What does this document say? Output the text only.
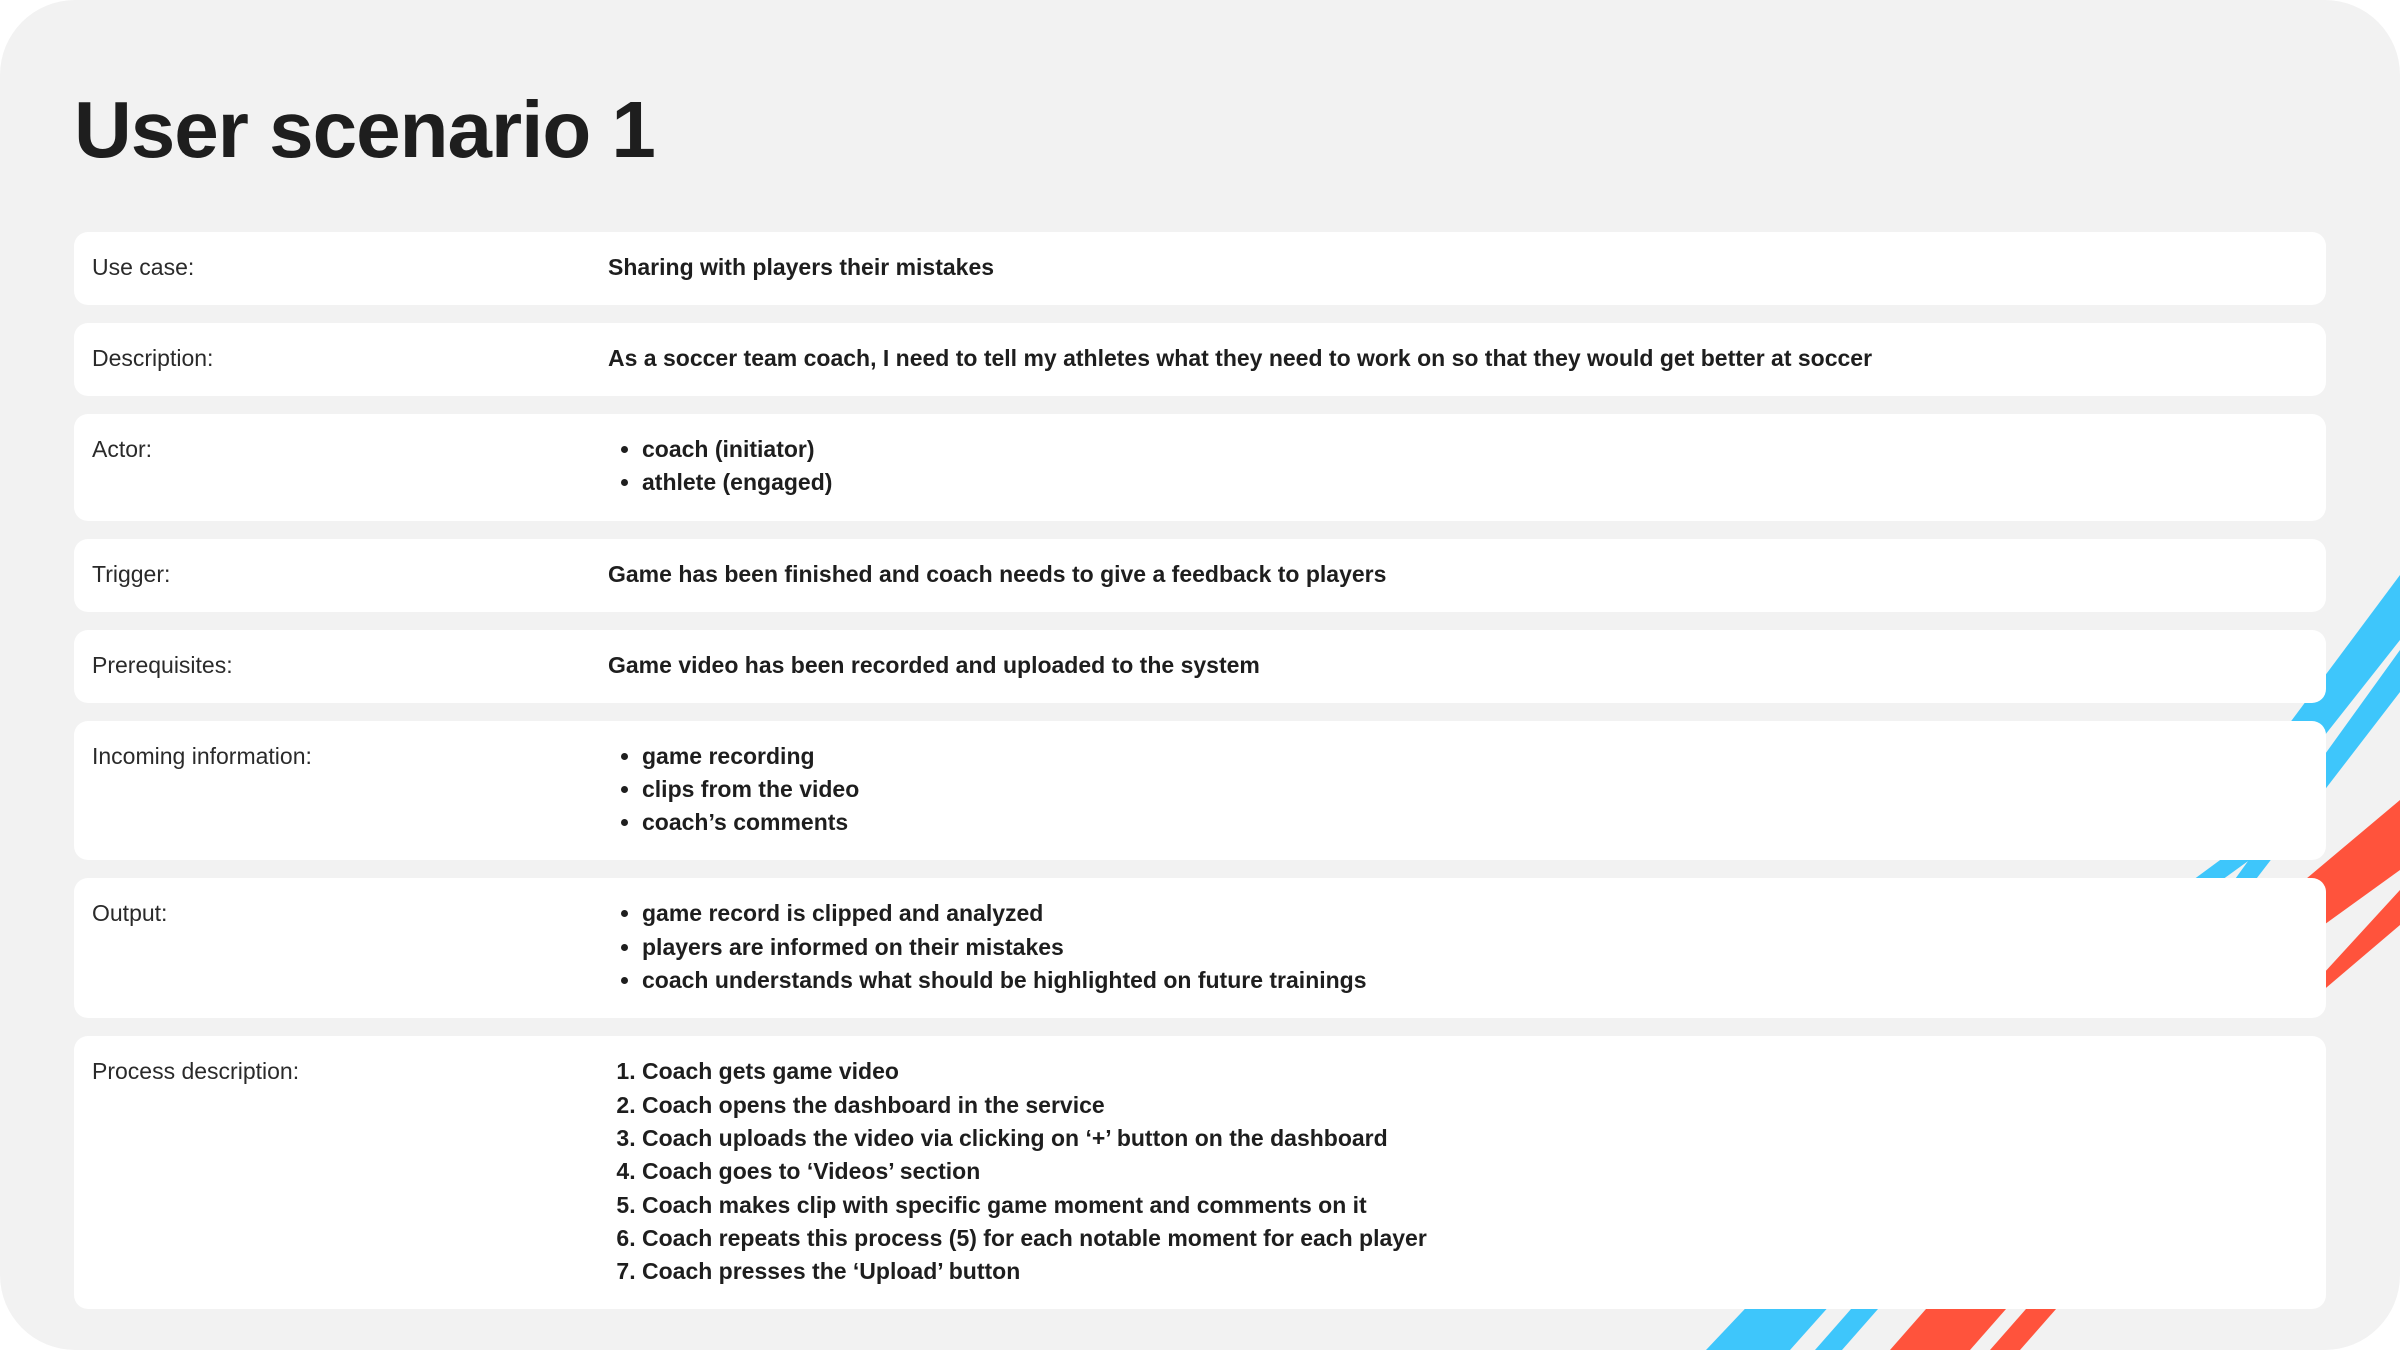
User scenario 1
Use case:	Sharing with players their mistakes
Description:	As a soccer team coach, I need to tell my athletes what they need to work on so that they would get better at soccer
Actor:	• coach (initiator)
• athlete (engaged)
Trigger:	Game has been finished and coach needs to give a feedback to players
Prerequisites:	Game video has been recorded and uploaded to the system
Incoming information:	• game recording
• clips from the video
• coach’s comments
Output:	• game record is clipped and analyzed
• players are informed on their mistakes
• coach understands what should be highlighted on future trainings
Process description:	1. Coach gets game video
2. Coach opens the dashboard in the service
3. Coach uploads the video via clicking on ‘+’ button on the dashboard
4. Coach goes to ‘Videos’ section
5. Coach makes clip with specific game moment and comments on it
6. Coach repeats this process (5) for each notable moment for each player
7. Coach presses the ‘Upload’ button
